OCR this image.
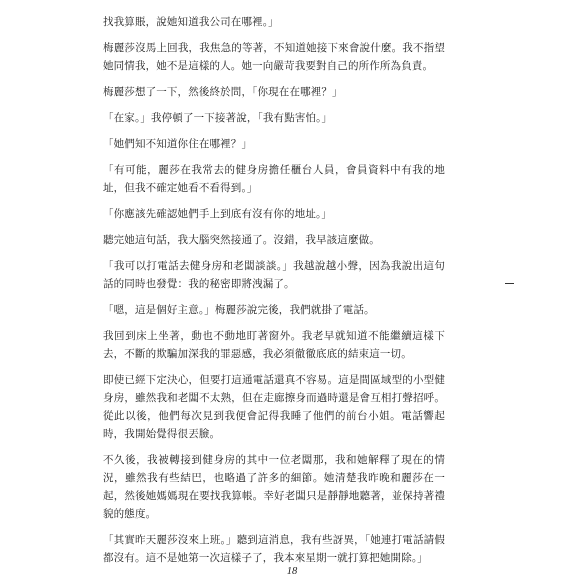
找我算賬，說她知道我公司在哪裡。」

梅麗莎沒馬上回我，我焦急的等著，不知道她接下來會說什麼。我不指望她同情我，她不是這樣的人。她一向嚴苛我要對自己的所作所為負責。

梅麗莎想了一下，然後終於問，「你現在在哪裡？」

「在家。」我停頓了一下接著說，「我有點害怕。」

「她們知不知道你住在哪裡？」

「有可能，麗莎在我常去的健身房擔任櫃台人員，會員資料中有我的地址，但我不確定她看不看得到。」

「你應該先確認她們手上到底有沒有你的地址。」

聽完她這句話，我大腦突然接通了。沒錯，我早該這麼做。

「我可以打電話去健身房和老闆談談。」我越說越小聲，因為我說出這句話的同時也發覺：我的秘密即將洩漏了。

「嗯，這是個好主意。」梅麗莎說完後，我們就掛了電話。

我回到床上坐著，動也不動地盯著窗外。我老早就知道不能繼續這樣下去，不斷的欺騙加深我的罪惡感，我必須徹徹底底的結束這一切。

即使已經下定決心，但要打這通電話還真不容易。這是間區域型的小型健身房，雖然我和老闆不太熟，但在走廊擦身而過時還是會互相打聲招呼。從此以後，他們每次見到我便會記得我睡了他們的前台小姐。電話響起時，我開始覺得很丟臉。

不久後，我被轉接到健身房的其中一位老闆那，我和她解釋了現在的情況，雖然我有些結巴，也略過了許多的細節。她清楚我昨晚和麗莎在一起，然後她媽媽現在要找我算帳。幸好老闆只是靜靜地聽著，並保持著禮貌的態度。

「其實昨天麗莎沒來上班。」聽到這消息，我有些訝異，「她連打電話請假都沒有。這不是她第一次這樣子了，我本來星期一就打算把她開除。」

18
